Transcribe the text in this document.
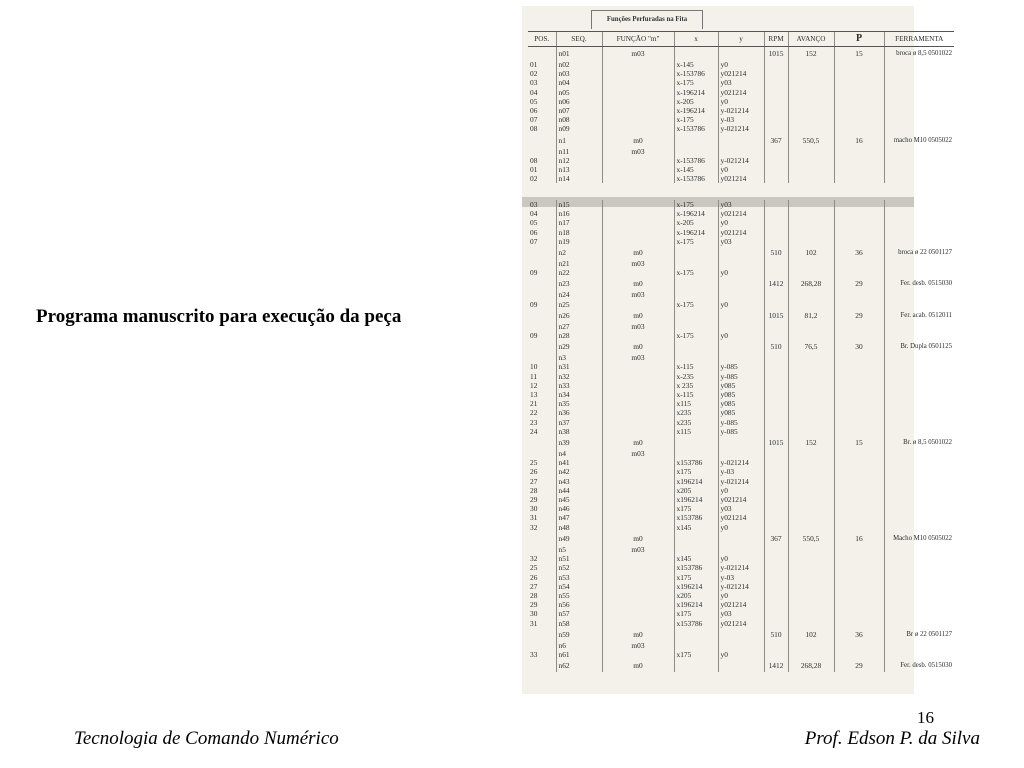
Programa manuscrito para execução da peça
Funções Perfuradas na Fita
POS.	SEQ.	FUNÇÃO "m"	x	y	RPM	AVANÇO	P	FERRAMENTA
	n01	m03			1015	152	15	broca ø 8,5 0501022
01	n02		x-145	y0				
02	n03		x-153786	y021214				
03	n04		x-175	y03				
04	n05		x-196214	y021214				
05	n06		x-205	y0				
06	n07		x-196214	y-021214				
07	n08		x-175	y-03				
08	n09		x-153786	y-021214				
	n1	m0			367	550,5	16	macho M10 0505022
	n11	m03						
08	n12		x-153786	y-021214				
01	n13		x-145	y0				
02	n14		x-153786	y021214				
03	n15		x-175	y03				
04	n16		x-196214	y021214				
05	n17		x-205	y0				
06	n18		x-196214	y021214				
07	n19		x-175	y03				
	n2	m0			510	102	36	broca ø 22 0501127
	n21	m03						
09	n22		x-175	y0				
	n23	m0			1412	268,28	29	Fer. desb. 0515030
	n24	m03						
09	n25		x-175	y0				
	n26	m0			1015	81,2	29	Fer. acab. 0512011
	n27	m03						
09	n28		x-175	y0				
	n29	m0			510	76,5	30	Br. Dupla 0501125
	n3	m03						
10	n31		x-115	y-085				
11	n32		x-235	y-085				
12	n33		x 235	y085				
13	n34		x-115	y085				
21	n35		x115	y085				
22	n36		x235	y085				
23	n37		x235	y-085				
24	n38		x115	y-085				
	n39	m0			1015	152	15	Br. ø 8,5 0501022
	n4	m03						
25	n41		x153786	y-021214				
26	n42		x175	y-03				
27	n43		x196214	y-021214				
28	n44		x205	y0				
29	n45		x196214	y021214				
30	n46		x175	y03				
31	n47		x153786	y021214				
32	n48		x145	y0				
	n49	m0			367	550,5	16	Macho M10 0505022
	n5	m03						
32	n51		x145	y0				
25	n52		x153786	y-021214				
26	n53		x175	y-03				
27	n54		x196214	y-021214				
28	n55		x205	y0				
29	n56		x196214	y021214				
30	n57		x175	y03				
31	n58		x153786	y021214				
	n59	m0			510	102	36	Br ø 22 0501127
	n6	m03						
33	n61		x175	y0				
	n62	m0			1412	268,28	29	Fer. desb. 0515030
16
Tecnologia de Comando Numérico	Prof. Edson P. da Silva
